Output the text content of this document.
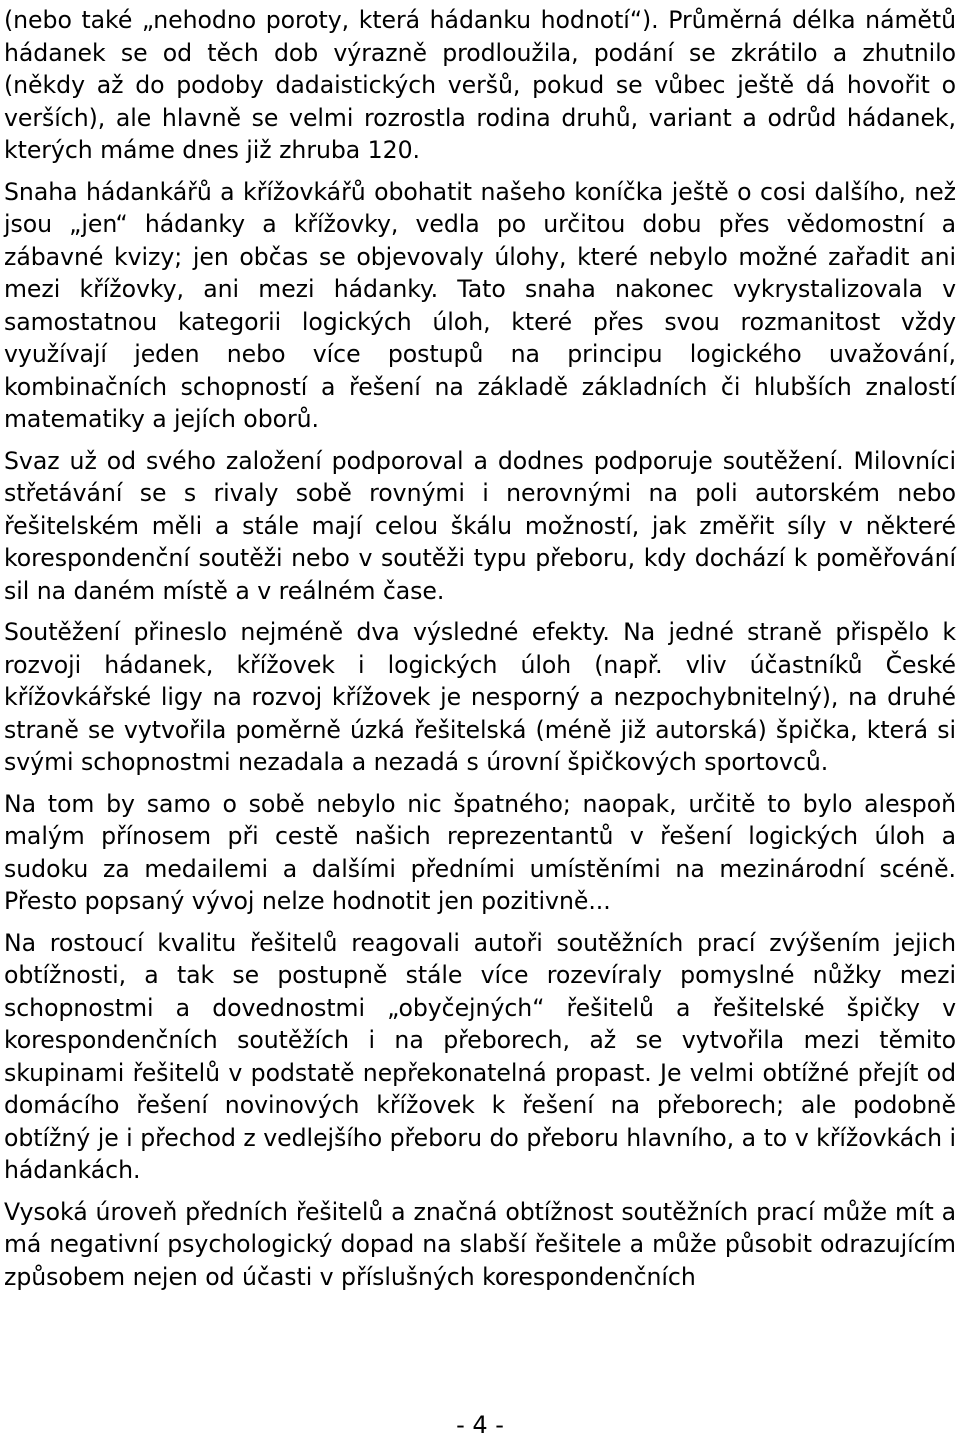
(nebo také „nehodno poroty, která hádanku hodnotí“). Průměrná délka námětů hádanek se od těch dob výrazně prodloužila, podání se zkrátilo a zhutnilo (někdy až do podoby dadaistických veršů, pokud se vůbec ještě dá hovořit o verších), ale hlavně se velmi rozrostla rodina druhů, variant a odrůd hádanek, kterých máme dnes již zhruba 120.

Snaha hádankářů a křížovkářů obohatit našeho koníčka ještě o cosi dalšího, než jsou „jen“ hádanky a křížovky, vedla po určitou dobu přes vědomostní a zábavné kvizy; jen občas se objevovaly úlohy, které nebylo možné zařadit ani mezi křížovky, ani mezi hádanky. Tato snaha nakonec vykrystalizovala v samostatnou kategorii logických úloh, které přes svou rozmanitost vždy využívají jeden nebo více postupů na principu logického uvažování, kombinačních schopností a řešení na základě základních či hlubších znalostí matematiky a jejích oborů.

Svaz už od svého založení podporoval a dodnes podporuje soutěžení. Milovníci střetávání se s rivaly sobě rovnými i nerovnými na poli autorském nebo řešitelském měli a stále mají celou škálu možností, jak změřit síly v některé korespondenční soutěži nebo v soutěži typu přeboru, kdy dochází k poměřování sil na daném místě a v reálném čase.

Soutěžení přineslo nejméně dva výsledné efekty. Na jedné straně přispělo k rozvoji hádanek, křížovek i logických úloh (např. vliv účastníků České křížovkářské ligy na rozvoj křížovek je nesporný a nezpochybnitelný), na druhé straně se vytvořila poměrně úzká řešitelská (méně již autorská) špička, která si svými schopnostmi nezadala a nezadá s úrovní špičkových sportovců.

Na tom by samo o sobě nebylo nic špatného; naopak, určitě to bylo alespoň malým přínosem při cestě našich reprezentantů v řešení logických úloh a sudoku za medailemi a dalšími předními umístěními na mezinárodní scéně. Přesto popsaný vývoj nelze hodnotit jen pozitivně...

Na rostoucí kvalitu řešitelů reagovali autoři soutěžních prací zvýšením jejich obtížnosti, a tak se postupně stále více rozevíraly pomyslné nůžky mezi schopnostmi a dovednostmi „obyčejných“ řešitelů a řešitelské špičky v korespondenčních soutěžích i na přeborech, až se vytvořila mezi těmito skupinami řešitelů v podstatě nepřekonatelná propast. Je velmi obtížné přejít od domácího řešení novinových křížovek k řešení na přeborech; ale podobně obtížný je i přechod z vedlejšího přeboru do přeboru hlavního, a to v křížovkách i hádankách.

Vysoká úroveň předních řešitelů a značná obtížnost soutěžních prací může mít a má negativní psychologický dopad na slabší řešitele a může působit odrazujícím způsobem nejen od účasti v příslušných korespondenčních

- 4 -
